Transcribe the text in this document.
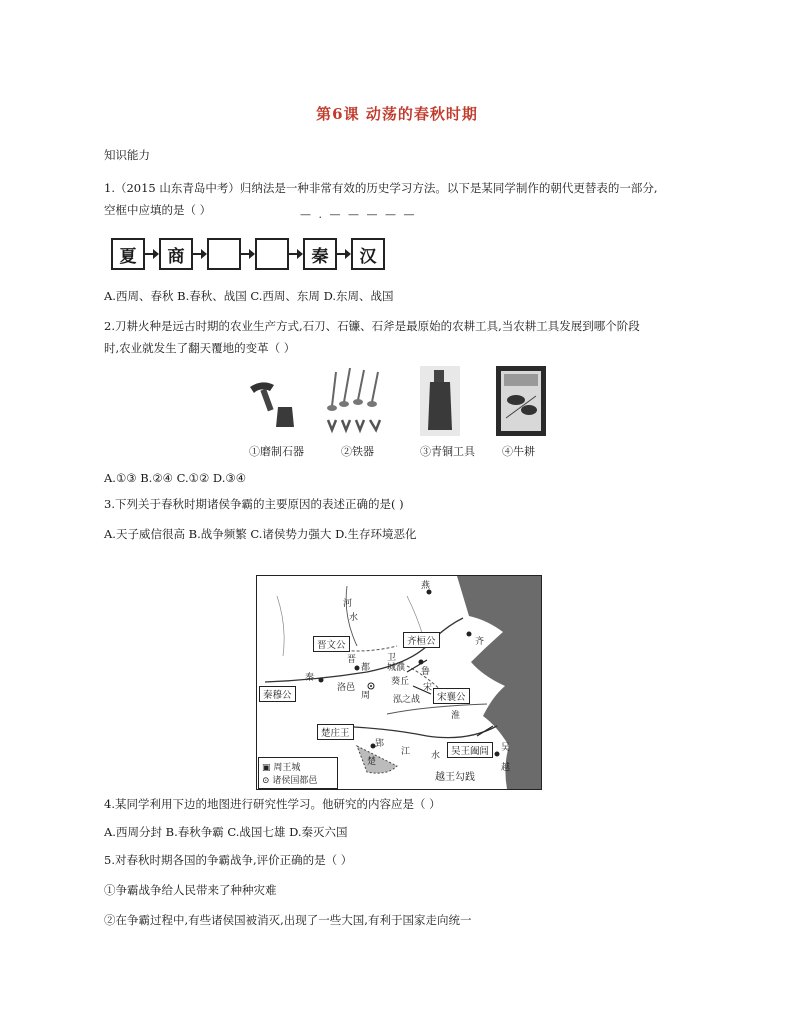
第6课 动荡的春秋时期
知识能力
1.（2015 山东青岛中考）归纳法是一种非常有效的历史学习方法。以下是某同学制作的朝代更替表的一部分,
空框中应填的是（ ）	— . — — — — —
夏	商	秦	汉
A.西周、春秋 B.春秋、战国 C.西周、东周 D.东周、战国
2.刀耕火种是远古时期的农业生产方式,石刀、石镰、石斧是最原始的农耕工具,当农耕工具发展到哪个阶段
时,农业就发生了翻天覆地的变革（ ）
①磨制石器	②铁器	③青铜工具 ④牛耕
A.①③ B.②④ C.①② D.③④
3.下列关于春秋时期诸侯争霸的主要原因的表述正确的是( )
A.天子威信很高 B.战争频繁 C.诸侯势力强大 D.生存环境恶化
燕
河
水
齐
晋	卫
城濮 鲁
秦
洛邑
周
葵丘
宋
泓之战
淮
楚
江 水
吴
越
越王勾践
郢
都
晋文公	齐桓公
秦穆公	宋襄公
楚庄王
吴王阖闾
▣ 周王城
⊙ 诸侯国都邑
4.某同学利用下边的地图进行研究性学习。他研究的内容应是（ ）
A.西周分封 B.春秋争霸 C.战国七雄 D.秦灭六国
5.对春秋时期各国的争霸战争,评价正确的是（ ）
①争霸战争给人民带来了种种灾难
②在争霸过程中,有些诸侯国被消灭,出现了一些大国,有利于国家走向统一
